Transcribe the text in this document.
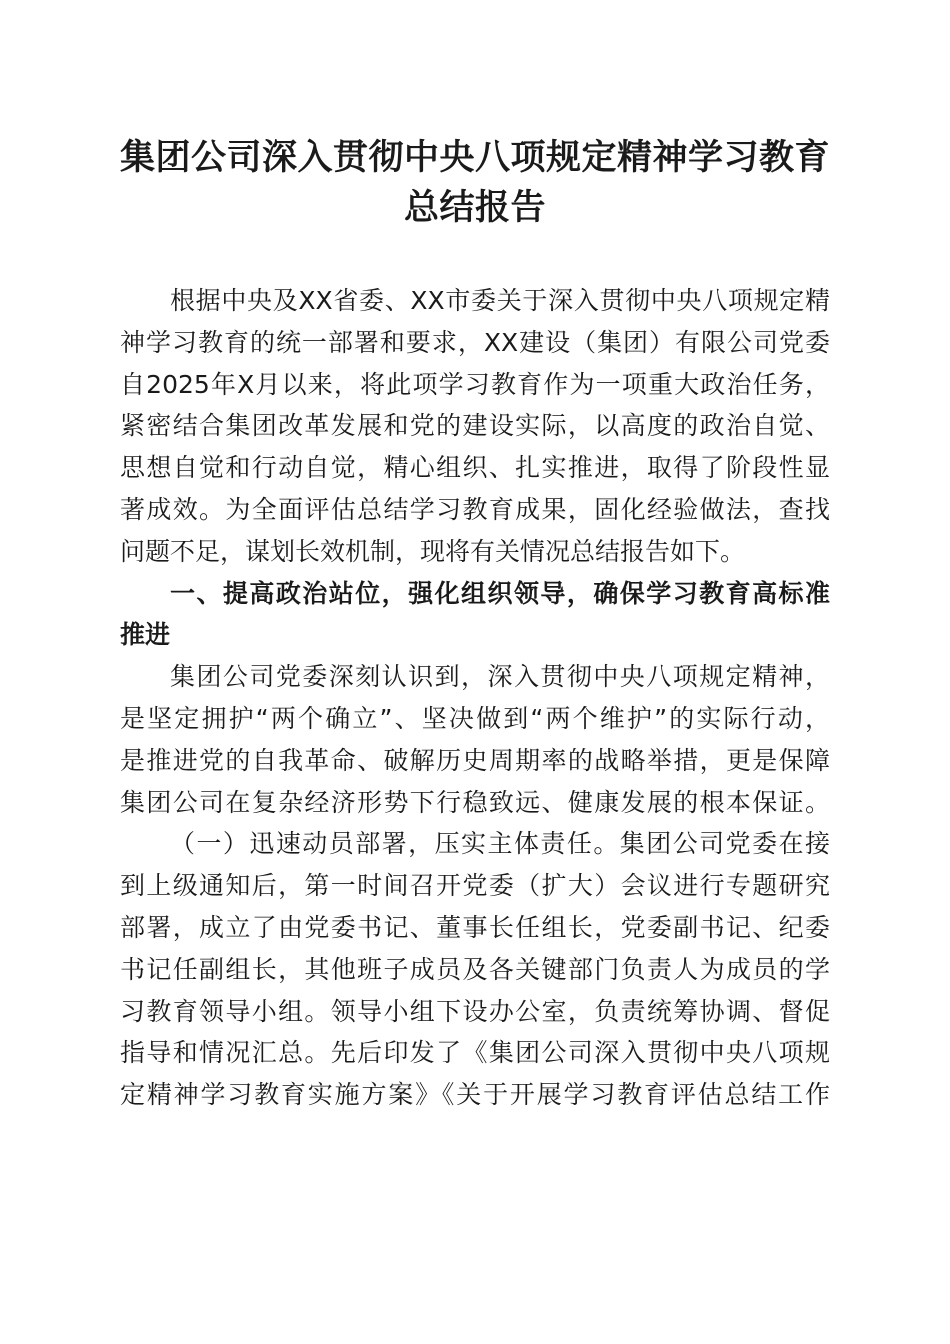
集团公司深入贯彻中央八项规定精神学习教育
总结报告
根据中央及XX省委、XX市委关于深入贯彻中央八项规定精
神学习教育的统一部署和要求，XX建设（集团）有限公司党委
自2025年X月以来，将此项学习教育作为一项重大政治任务，
紧密结合集团改革发展和党的建设实际，以高度的政治自觉、
思想自觉和行动自觉，精心组织、扎实推进，取得了阶段性显
著成效。为全面评估总结学习教育成果，固化经验做法，查找
问题不足，谋划长效机制，现将有关情况总结报告如下。
一、提高政治站位，强化组织领导，确保学习教育高标准
推进
集团公司党委深刻认识到，深入贯彻中央八项规定精神，
是坚定拥护“两个确立”、坚决做到“两个维护”的实际行动，
是推进党的自我革命、破解历史周期率的战略举措，更是保障
集团公司在复杂经济形势下行稳致远、健康发展的根本保证。
（一）迅速动员部署，压实主体责任。集团公司党委在接
到上级通知后，第一时间召开党委（扩大）会议进行专题研究
部署，成立了由党委书记、董事长任组长，党委副书记、纪委
书记任副组长，其他班子成员及各关键部门负责人为成员的学
习教育领导小组。领导小组下设办公室，负责统筹协调、督促
指导和情况汇总。先后印发了《集团公司深入贯彻中央八项规
定精神学习教育实施方案》《关于开展学习教育评估总结工作
